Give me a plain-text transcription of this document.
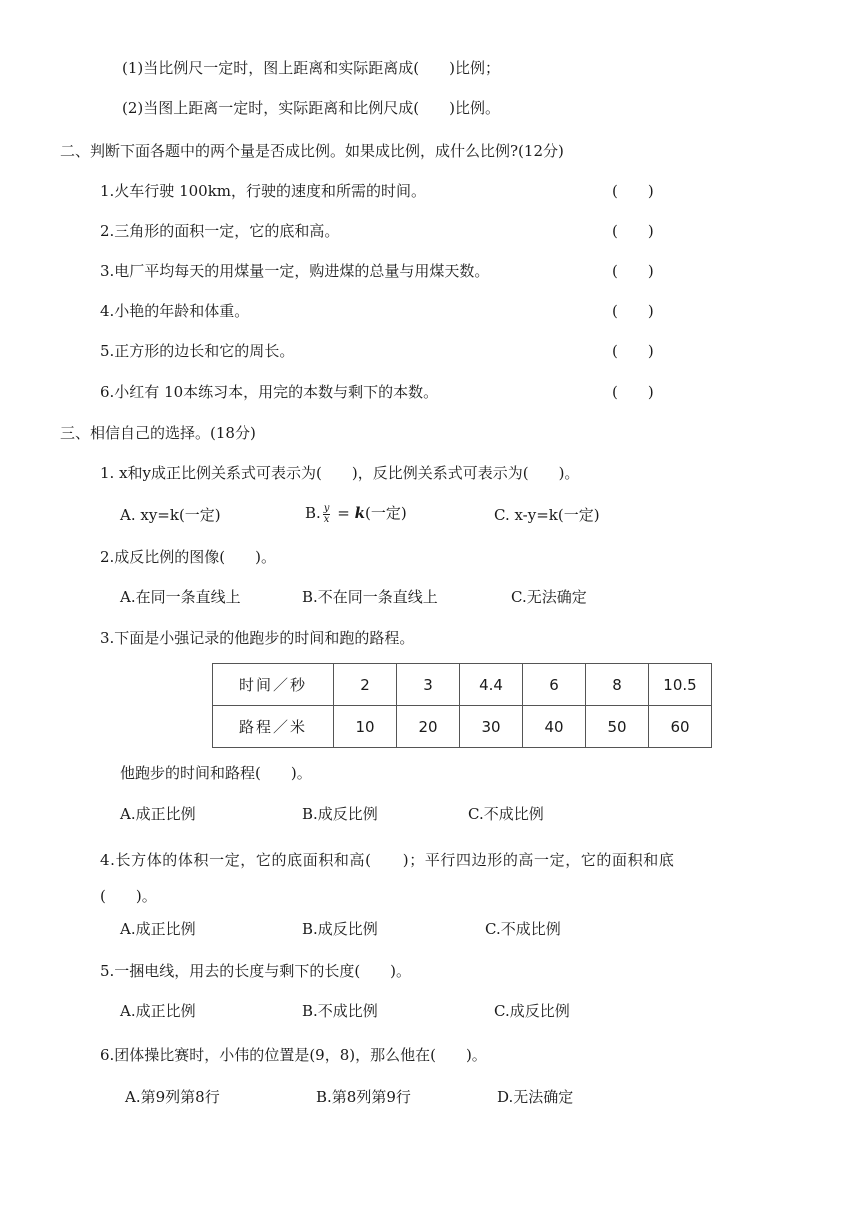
(1)当比例尺一定时，图上距离和实际距离成(　　)比例；
(2)当图上距离一定时，实际距离和比例尺成(　　)比例。
二、判断下面各题中的两个量是否成比例。如果成比例，成什么比例?(12分)
1.火车行驶 100km，行驶的速度和所需的时间。	(　　)
2.三角形的面积一定，它的底和高。	(　　)
3.电厂平均每天的用煤量一定，购进煤的总量与用煤天数。	(　　)
4.小艳的年龄和体重。	(　　)
5.正方形的边长和它的周长。	(　　)
6.小红有 10本练习本，用完的本数与剩下的本数。	(　　)
三、相信自己的选择。(18分)
1. x和y成正比例关系式可表示为(　　)，反比例关系式可表示为(　　)。
A. xy=k(一定)	B. $\frac{y}{x} = k$(一定)	C. x-y=k(一定)
2.成反比例的图像(　　)。
A.在同一条直线上	B.不在同一条直线上	C.无法确定
3.下面是小强记录的他跑步的时间和跑的路程。
时间／秒	2	3	4.4	6	8	10.5
路程／米	10	20	30	40	50	60
他跑步的时间和路程(　　)。
A.成正比例	B.成反比例	C.不成比例
4.长方体的体积一定，它的底面积和高(　　)；平行四边形的高一定，它的面积和底
(　　)。
A.成正比例	B.成反比例	C.不成比例
5.一捆电线，用去的长度与剩下的长度(　　)。
A.成正比例	B.不成比例	C.成反比例
6.团体操比赛时，小伟的位置是(9，8)，那么他在(　　)。
A.第9列第8行	B.第8列第9行	D.无法确定
